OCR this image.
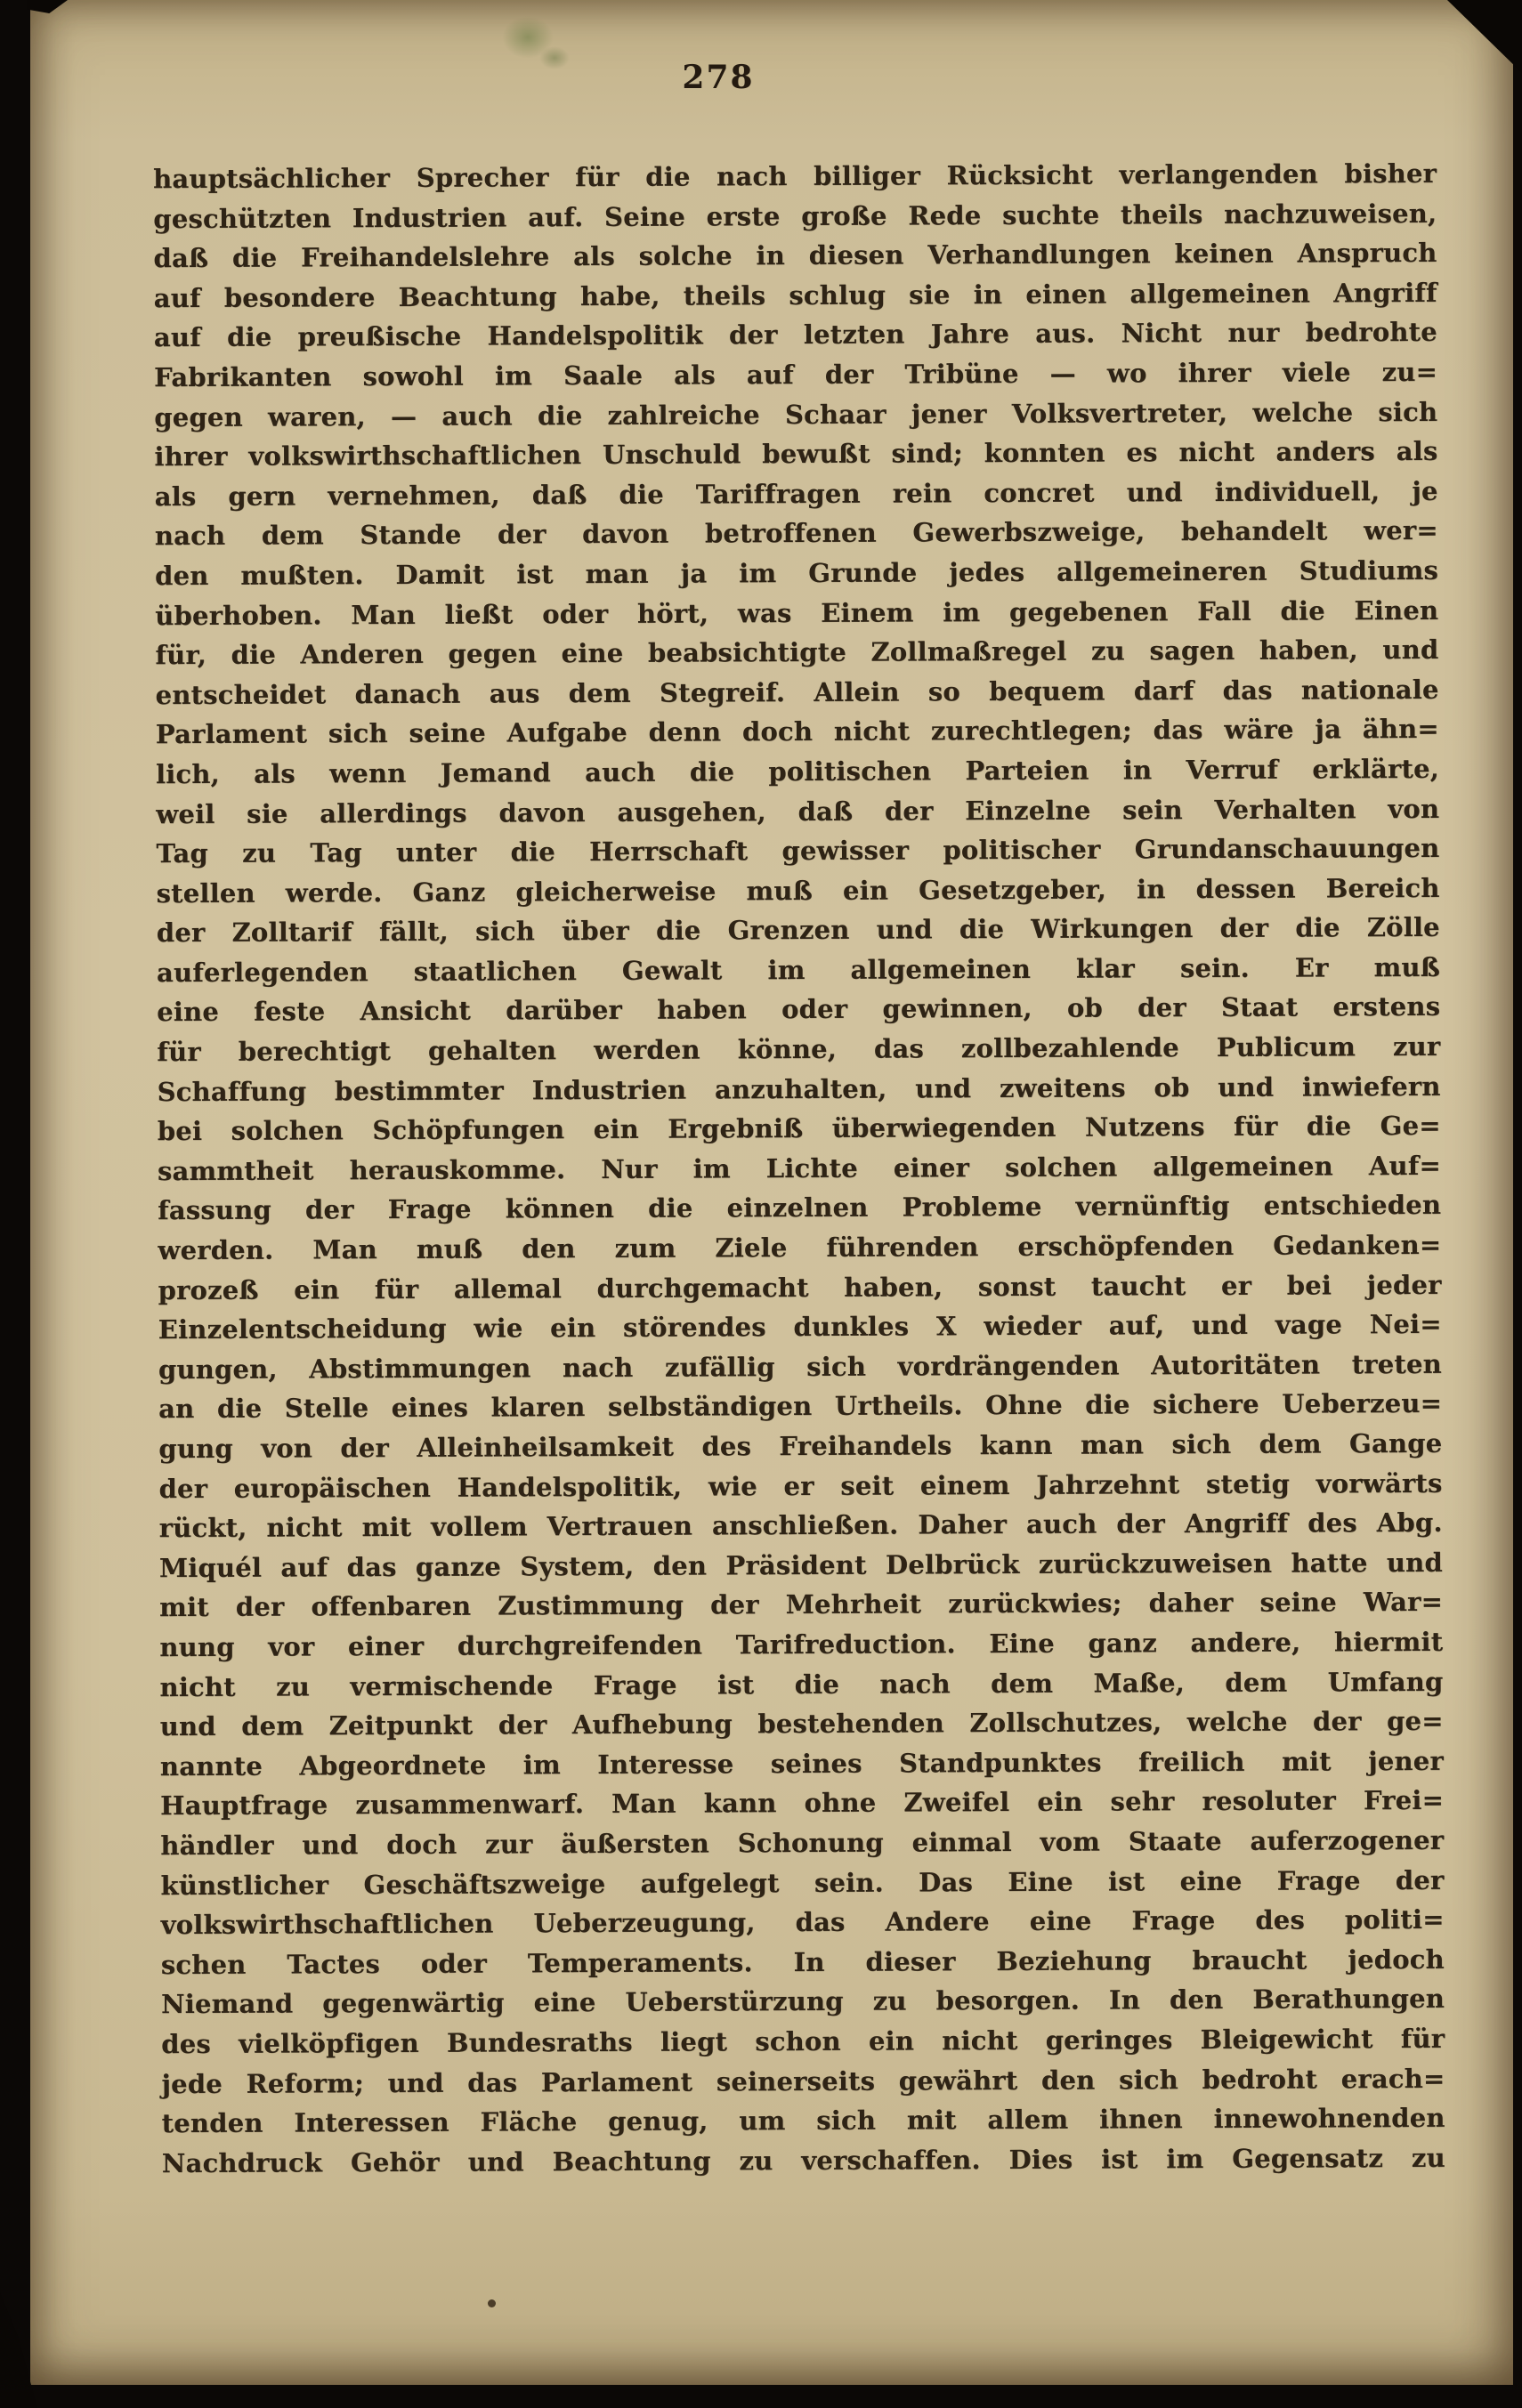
278
hauptsächlicher Sprecher für die nach billiger Rücksicht verlangenden bisher
geschützten Industrien auf. Seine erste große Rede suchte theils nachzuweisen,
daß die Freihandelslehre als solche in diesen Verhandlungen keinen Anspruch
auf besondere Beachtung habe, theils schlug sie in einen allgemeinen Angriff
auf die preußische Handelspolitik der letzten Jahre aus. Nicht nur bedrohte
Fabrikanten sowohl im Saale als auf der Tribüne — wo ihrer viele zu=
gegen waren, — auch die zahlreiche Schaar jener Volksvertreter, welche sich
ihrer volkswirthschaftlichen Unschuld bewußt sind; konnten es nicht anders als
als gern vernehmen, daß die Tariffragen rein concret und individuell, je
nach dem Stande der davon betroffenen Gewerbszweige, behandelt wer=
den mußten. Damit ist man ja im Grunde jedes allgemeineren Studiums
überhoben. Man ließt oder hört, was Einem im gegebenen Fall die Einen
für, die Anderen gegen eine beabsichtigte Zollmaßregel zu sagen haben, und
entscheidet danach aus dem Stegreif. Allein so bequem darf das nationale
Parlament sich seine Aufgabe denn doch nicht zurechtlegen; das wäre ja ähn=
lich, als wenn Jemand auch die politischen Parteien in Verruf erklärte,
weil sie allerdings davon ausgehen, daß der Einzelne sein Verhalten von
Tag zu Tag unter die Herrschaft gewisser politischer Grundanschauungen
stellen werde. Ganz gleicherweise muß ein Gesetzgeber, in dessen Bereich
der Zolltarif fällt, sich über die Grenzen und die Wirkungen der die Zölle
auferlegenden staatlichen Gewalt im allgemeinen klar sein. Er muß
eine feste Ansicht darüber haben oder gewinnen, ob der Staat erstens
für berechtigt gehalten werden könne, das zollbezahlende Publicum zur
Schaffung bestimmter Industrien anzuhalten, und zweitens ob und inwiefern
bei solchen Schöpfungen ein Ergebniß überwiegenden Nutzens für die Ge=
sammtheit herauskomme. Nur im Lichte einer solchen allgemeinen Auf=
fassung der Frage können die einzelnen Probleme vernünftig entschieden
werden. Man muß den zum Ziele führenden erschöpfenden Gedanken=
prozeß ein für allemal durchgemacht haben, sonst taucht er bei jeder
Einzelentscheidung wie ein störendes dunkles X wieder auf, und vage Nei=
gungen, Abstimmungen nach zufällig sich vordrängenden Autoritäten treten
an die Stelle eines klaren selbständigen Urtheils. Ohne die sichere Ueberzeu=
gung von der Alleinheilsamkeit des Freihandels kann man sich dem Gange
der europäischen Handelspolitik, wie er seit einem Jahrzehnt stetig vorwärts
rückt, nicht mit vollem Vertrauen anschließen. Daher auch der Angriff des Abg.
Miquél auf das ganze System, den Präsident Delbrück zurückzuweisen hatte und
mit der offenbaren Zustimmung der Mehrheit zurückwies; daher seine War=
nung vor einer durchgreifenden Tarifreduction. Eine ganz andere, hiermit
nicht zu vermischende Frage ist die nach dem Maße, dem Umfang
und dem Zeitpunkt der Aufhebung bestehenden Zollschutzes, welche der ge=
nannte Abgeordnete im Interesse seines Standpunktes freilich mit jener
Hauptfrage zusammenwarf. Man kann ohne Zweifel ein sehr resoluter Frei=
händler und doch zur äußersten Schonung einmal vom Staate auferzogener
künstlicher Geschäftszweige aufgelegt sein. Das Eine ist eine Frage der
volkswirthschaftlichen Ueberzeugung, das Andere eine Frage des politi=
schen Tactes oder Temperaments. In dieser Beziehung braucht jedoch
Niemand gegenwärtig eine Ueberstürzung zu besorgen. In den Berathungen
des vielköpfigen Bundesraths liegt schon ein nicht geringes Bleigewicht für
jede Reform; und das Parlament seinerseits gewährt den sich bedroht erach=
tenden Interessen Fläche genug, um sich mit allem ihnen innewohnenden
Nachdruck Gehör und Beachtung zu verschaffen. Dies ist im Gegensatz zu
